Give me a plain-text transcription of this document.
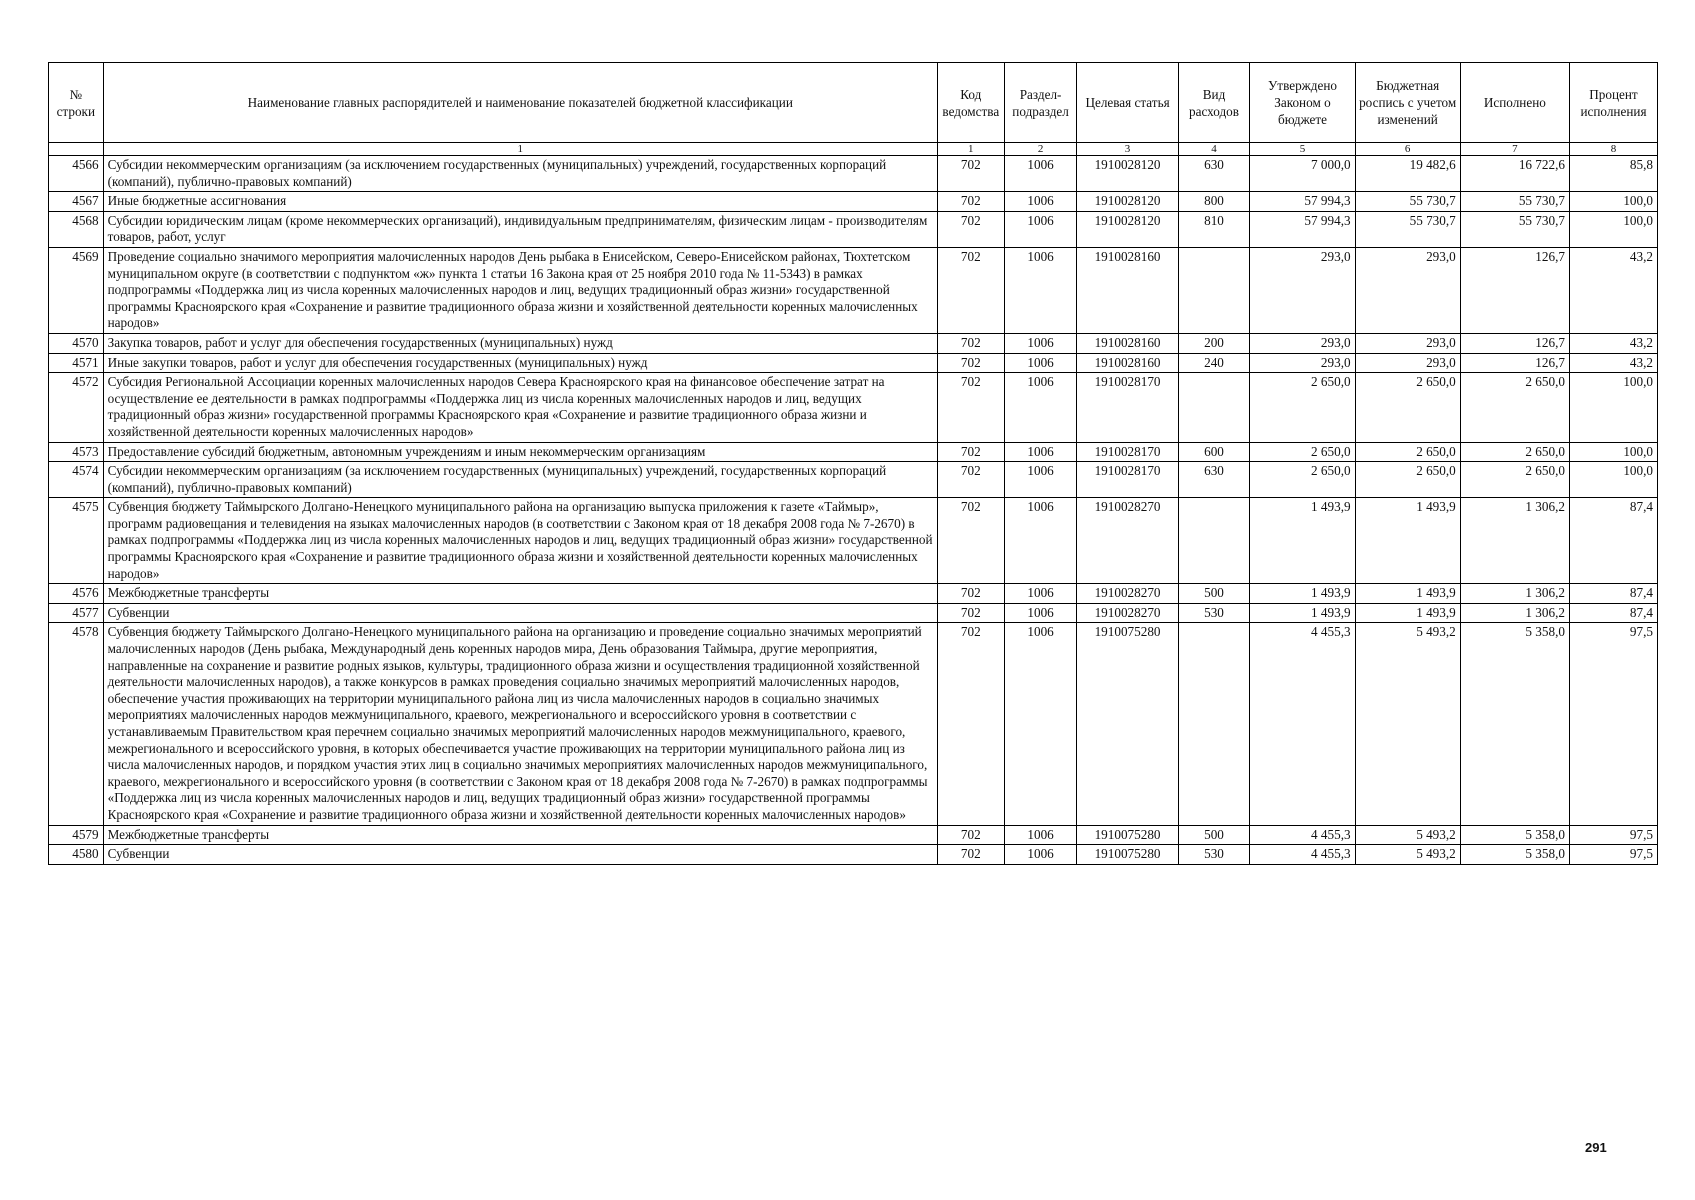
№ строки	Наименование главных распорядителей и наименование показателей бюджетной классификации	Код ведомства	Раздел-подраздел	Целевая статья	Вид расходов	Утверждено Законом о бюджете	Бюджетная роспись с учетом изменений	Исполнено	Процент исполнения
	1	1	2	3	4	5	6	7	8
4566	Субсидии некоммерческим организациям (за исключением государственных (муниципальных) учреждений, государственных корпораций (компаний), публично-правовых компаний)	702	1006	1910028120	630	7 000,0	19 482,6	16 722,6	85,8
4567	Иные бюджетные ассигнования	702	1006	1910028120	800	57 994,3	55 730,7	55 730,7	100,0
4568	Субсидии юридическим лицам (кроме некоммерческих организаций), индивидуальным предпринимателям, физическим лицам - производителям товаров, работ, услуг	702	1006	1910028120	810	57 994,3	55 730,7	55 730,7	100,0
4569	Проведение социально значимого мероприятия малочисленных народов День рыбака в Енисейском, Северо-Енисейском районах, Тюхтетском муниципальном округе (в соответствии с подпунктом «ж» пункта 1 статьи 16 Закона края от 25 ноября 2010 года № 11-5343) в рамках подпрограммы «Поддержка лиц из числа коренных малочисленных народов и лиц, ведущих традиционный образ жизни» государственной программы Красноярского края «Сохранение и развитие традиционного образа жизни и хозяйственной деятельности коренных малочисленных народов»	702	1006	1910028160		293,0	293,0	126,7	43,2
4570	Закупка товаров, работ и услуг для обеспечения государственных (муниципальных) нужд	702	1006	1910028160	200	293,0	293,0	126,7	43,2
4571	Иные закупки товаров, работ и услуг для обеспечения государственных (муниципальных) нужд	702	1006	1910028160	240	293,0	293,0	126,7	43,2
4572	Субсидия Региональной Ассоциации коренных малочисленных народов Севера Красноярского края на финансовое обеспечение затрат на осуществление ее деятельности в рамках подпрограммы «Поддержка лиц из числа коренных малочисленных народов и лиц, ведущих традиционный образ жизни» государственной программы Красноярского края «Сохранение и развитие традиционного образа жизни и хозяйственной деятельности коренных малочисленных народов»	702	1006	1910028170		2 650,0	2 650,0	2 650,0	100,0
4573	Предоставление субсидий бюджетным, автономным учреждениям и иным некоммерческим организациям	702	1006	1910028170	600	2 650,0	2 650,0	2 650,0	100,0
4574	Субсидии некоммерческим организациям (за исключением государственных (муниципальных) учреждений, государственных корпораций (компаний), публично-правовых компаний)	702	1006	1910028170	630	2 650,0	2 650,0	2 650,0	100,0
4575	Субвенция бюджету Таймырского Долгано-Ненецкого муниципального района на организацию выпуска приложения к газете «Таймыр», программ радиовещания и телевидения на языках малочисленных народов (в соответствии с Законом края от 18 декабря 2008 года № 7-2670) в рамках подпрограммы «Поддержка лиц из числа коренных малочисленных народов и лиц, ведущих традиционный образ жизни» государственной программы Красноярского края «Сохранение и развитие традиционного образа жизни и хозяйственной деятельности коренных малочисленных народов»	702	1006	1910028270		1 493,9	1 493,9	1 306,2	87,4
4576	Межбюджетные трансферты	702	1006	1910028270	500	1 493,9	1 493,9	1 306,2	87,4
4577	Субвенции	702	1006	1910028270	530	1 493,9	1 493,9	1 306,2	87,4
4578	Субвенция бюджету Таймырского Долгано-Ненецкого муниципального района на организацию и проведение социально значимых мероприятий малочисленных народов (День рыбака, Международный день коренных народов мира, День образования Таймыра, другие мероприятия, направленные на сохранение и развитие родных языков, культуры, традиционного образа жизни и осуществления традиционной хозяйственной деятельности малочисленных народов), а также конкурсов в рамках проведения социально значимых мероприятий малочисленных народов, обеспечение участия проживающих на территории муниципального района лиц из числа малочисленных народов в социально значимых мероприятиях малочисленных народов межмуниципального, краевого, межрегионального и всероссийского уровня в соответствии с устанавливаемым Правительством края перечнем социально значимых мероприятий малочисленных народов межмуниципального, краевого, межрегионального и всероссийского уровня, в которых обеспечивается участие проживающих на территории муниципального района лиц из числа малочисленных народов, и порядком участия этих лиц в социально значимых мероприятиях малочисленных народов межмуниципального, краевого, межрегионального и всероссийского уровня (в соответствии с Законом края от 18 декабря 2008 года № 7-2670) в рамках подпрограммы «Поддержка лиц из числа коренных малочисленных народов и лиц, ведущих традиционный образ жизни» государственной программы Красноярского края «Сохранение и развитие традиционного образа жизни и хозяйственной деятельности коренных малочисленных народов»	702	1006	1910075280		4 455,3	5 493,2	5 358,0	97,5
4579	Межбюджетные трансферты	702	1006	1910075280	500	4 455,3	5 493,2	5 358,0	97,5
4580	Субвенции	702	1006	1910075280	530	4 455,3	5 493,2	5 358,0	97,5
291
